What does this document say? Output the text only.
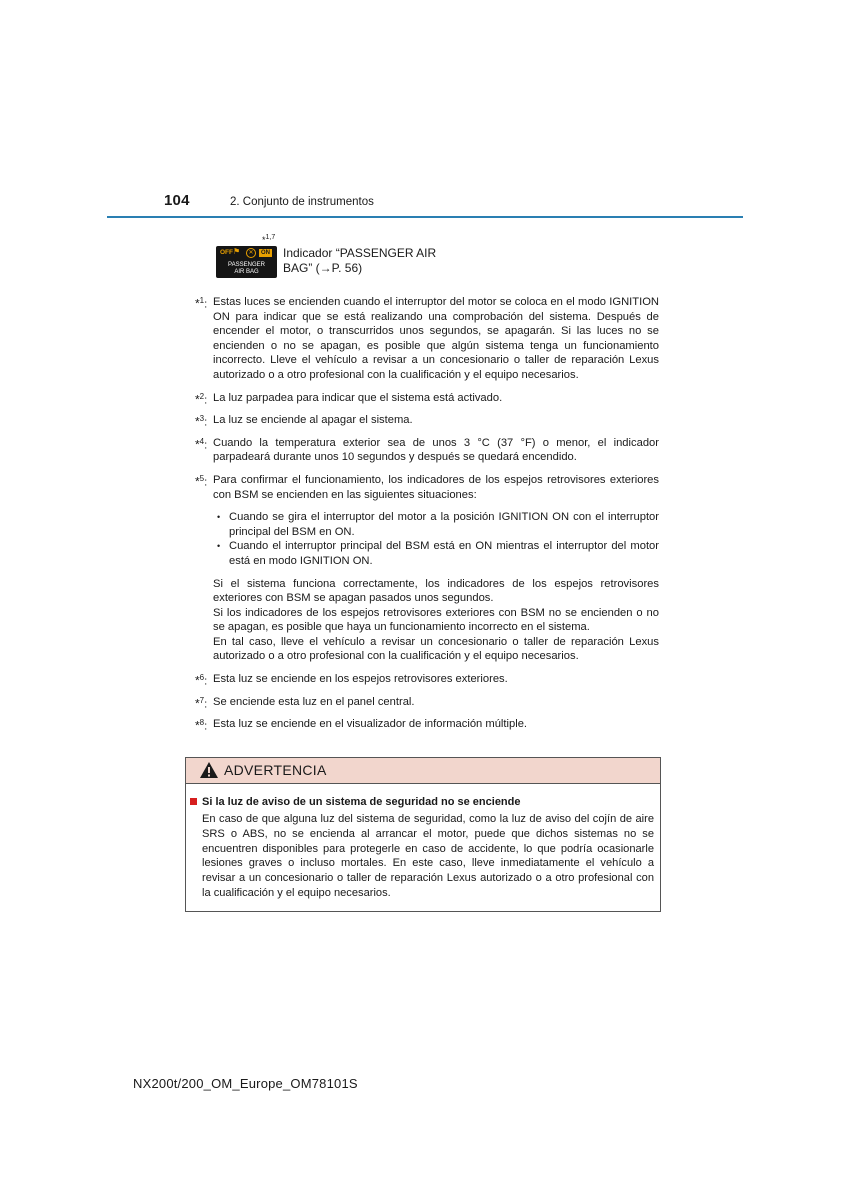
104	2. Conjunto de instrumentos
*$^{1,7}$
OFF ⚑	✕	ON
PASSENGER
AIR BAG
Indicador “PASSENGER AIR BAG” (→P. 56)
*$^1$: Estas luces se encienden cuando el interruptor del motor se coloca en el modo IGNITION ON para indicar que se está realizando una comprobación del sistema. Después de encender el motor, o transcurridos unos segundos, se apagarán. Si las luces no se encienden o no se apagan, es posible que algún sistema tenga un funcionamiento incorrecto. Lleve el vehículo a revisar a un concesionario o taller de reparación Lexus autorizado o a otro profesional con la cualificación y el equipo necesarios.
*$^2$: La luz parpadea para indicar que el sistema está activado.
*$^3$: La luz se enciende al apagar el sistema.
*$^4$: Cuando la temperatura exterior sea de unos 3 °C (37 °F) o menor, el indicador parpadeará durante unos 10 segundos y después se quedará encendido.
*$^5$: Para confirmar el funcionamiento, los indicadores de los espejos retrovisores exteriores con BSM se encienden en las siguientes situaciones:
• Cuando se gira el interruptor del motor a la posición IGNITION ON con el interruptor principal del BSM en ON.
• Cuando el interruptor principal del BSM está en ON mientras el interruptor del motor está en modo IGNITION ON.
Si el sistema funciona correctamente, los indicadores de los espejos retrovisores exteriores con BSM se apagan pasados unos segundos.
Si los indicadores de los espejos retrovisores exteriores con BSM no se encienden o no se apagan, es posible que haya un funcionamiento incorrecto en el sistema.
En tal caso, lleve el vehículo a revisar un concesionario o taller de reparación Lexus autorizado o a otro profesional con la cualificación y el equipo necesarios.
*$^6$: Esta luz se enciende en los espejos retrovisores exteriores.
*$^7$: Se enciende esta luz en el panel central.
*$^8$: Esta luz se enciende en el visualizador de información múltiple.
ADVERTENCIA
Si la luz de aviso de un sistema de seguridad no se enciende
En caso de que alguna luz del sistema de seguridad, como la luz de aviso del cojín de aire SRS o ABS, no se encienda al arrancar el motor, puede que dichos sistemas no se encuentren disponibles para protegerle en caso de accidente, lo que podría ocasionarle lesiones graves o incluso mortales. En este caso, lleve inmediatamente el vehículo a revisar a un concesionario o taller de reparación Lexus autorizado o a otro profesional con la cualificación y el equipo necesarios.
NX200t/200_OM_Europe_OM78101S
